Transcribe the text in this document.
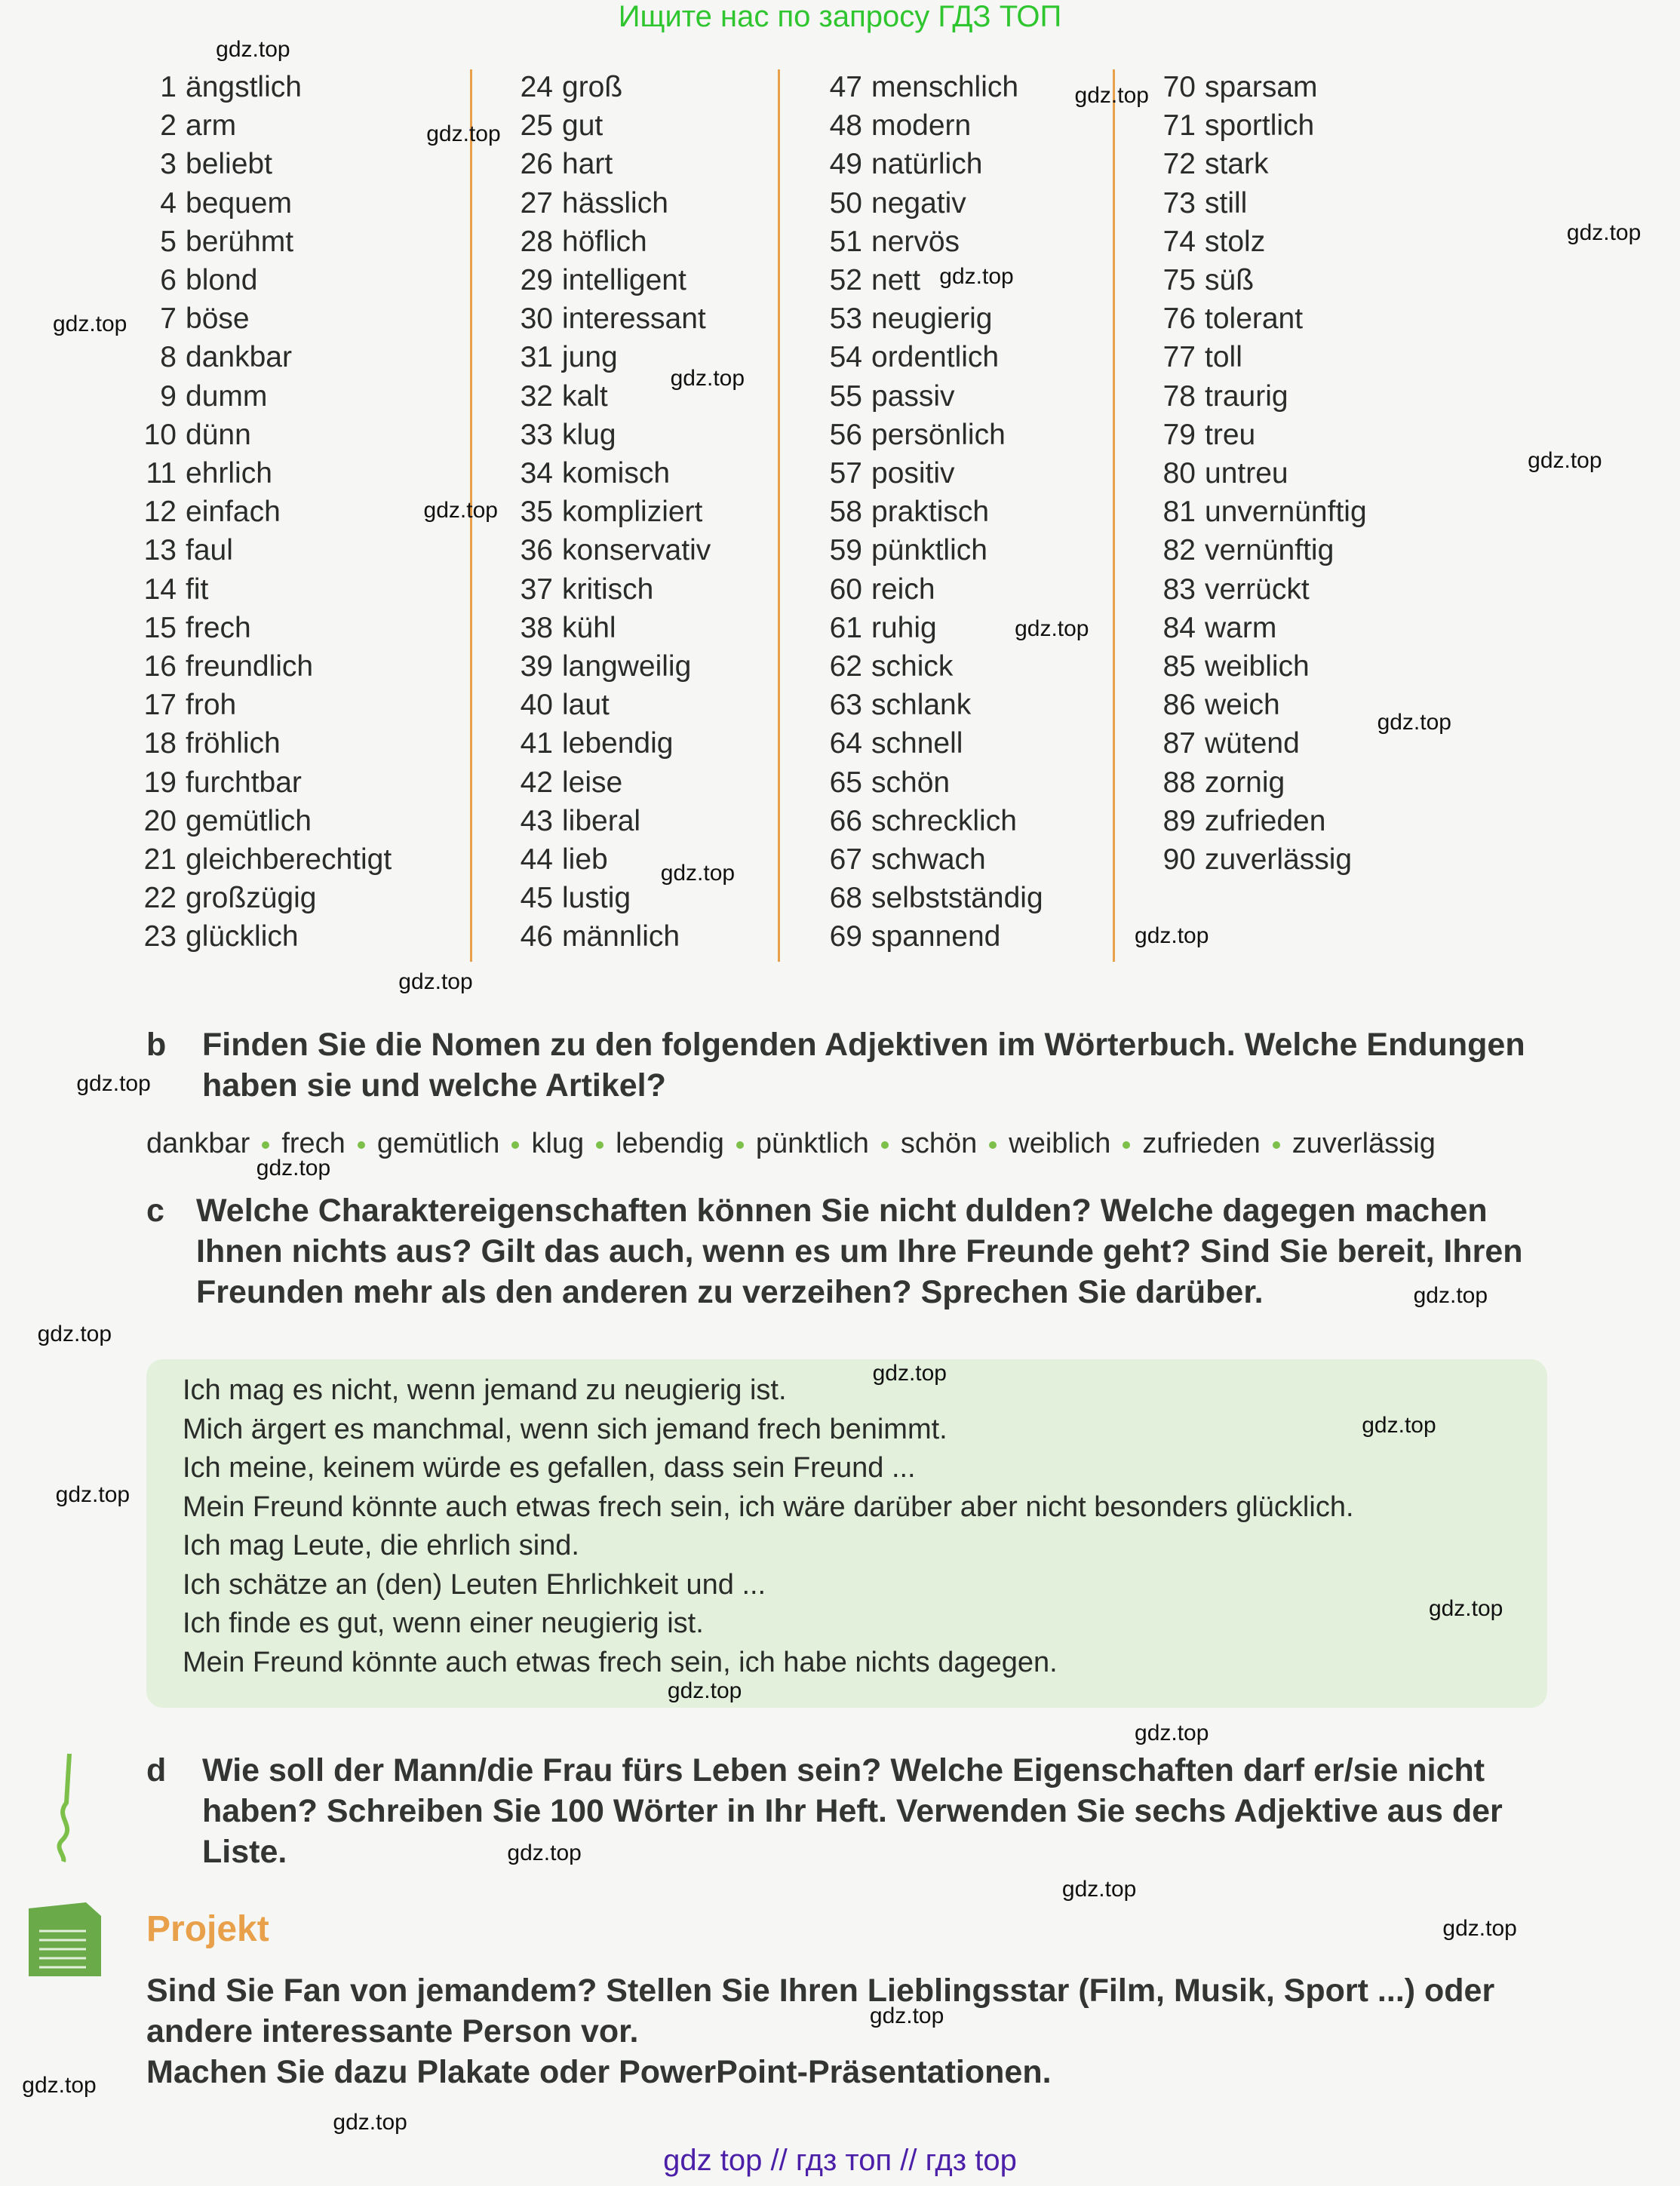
Ищите нас по запросу ГДЗ ТОП
1 ängstlich
2 arm
3 beliebt
4 bequem
5 berühmt
6 blond
7 böse
8 dankbar
9 dumm
10 dünn
11 ehrlich
12 einfach
13 faul
14 fit
15 frech
16 freundlich
17 froh
18 fröhlich
19 furchtbar
20 gemütlich
21 gleichberechtigt
22 großzügig
23 glücklich
24 groß
25 gut
26 hart
27 hässlich
28 höflich
29 intelligent
30 interessant
31 jung
32 kalt
33 klug
34 komisch
35 kompliziert
36 konservativ
37 kritisch
38 kühl
39 langweilig
40 laut
41 lebendig
42 leise
43 liberal
44 lieb
45 lustig
46 männlich
47 menschlich
48 modern
49 natürlich
50 negativ
51 nervös
52 nett
53 neugierig
54 ordentlich
55 passiv
56 persönlich
57 positiv
58 praktisch
59 pünktlich
60 reich
61 ruhig
62 schick
63 schlank
64 schnell
65 schön
66 schrecklich
67 schwach
68 selbstständig
69 spannend
70 sparsam
71 sportlich
72 stark
73 still
74 stolz
75 süß
76 tolerant
77 toll
78 traurig
79 treu
80 untreu
81 unvernünftig
82 vernünftig
83 verrückt
84 warm
85 weiblich
86 weich
87 wütend
88 zornig
89 zufrieden
90 zuverlässig
b Finden Sie die Nomen zu den folgenden Adjektiven im Wörterbuch. Welche Endungen
haben sie und welche Artikel?
dankbar frech gemütlich klug lebendig pünktlich schön weiblich zufrieden zuverlässig
c Welche Charaktereigenschaften können Sie nicht dulden? Welche dagegen machen
Ihnen nichts aus? Gilt das auch, wenn es um Ihre Freunde geht? Sind Sie bereit, Ihren
Freunden mehr als den anderen zu verzeihen? Sprechen Sie darüber.
Ich mag es nicht, wenn jemand zu neugierig ist.
Mich ärgert es manchmal, wenn sich jemand frech benimmt.
Ich meine, keinem würde es gefallen, dass sein Freund ...
Mein Freund könnte auch etwas frech sein, ich wäre darüber aber nicht besonders glücklich.
Ich mag Leute, die ehrlich sind.
Ich schätze an (den) Leuten Ehrlichkeit und ...
Ich finde es gut, wenn einer neugierig ist.
Mein Freund könnte auch etwas frech sein, ich habe nichts dagegen.
d Wie soll der Mann/die Frau fürs Leben sein? Welche Eigenschaften darf er/sie nicht
haben? Schreiben Sie 100 Wörter in Ihr Heft. Verwenden Sie sechs Adjektive aus der
Liste.
Projekt
Sind Sie Fan von jemandem? Stellen Sie Ihren Lieblingsstar (Film, Musik, Sport ...) oder
andere interessante Person vor.
Machen Sie dazu Plakate oder PowerPoint-Präsentationen.
gdz.top
gdz.top
gdz.top
gdz.top
gdz.top
gdz.top
gdz.top
gdz.top
gdz.top
gdz.top
gdz.top
gdz.top
gdz.top
gdz.top
gdz.top
gdz.top
gdz.top
gdz.top
gdz.top
gdz.top
gdz.top
gdz.top
gdz.top
gdz.top
gdz.top
gdz.top
gdz.top
gdz.top
gdz.top
gdz.top
gdz top // гдз топ // гдз top
